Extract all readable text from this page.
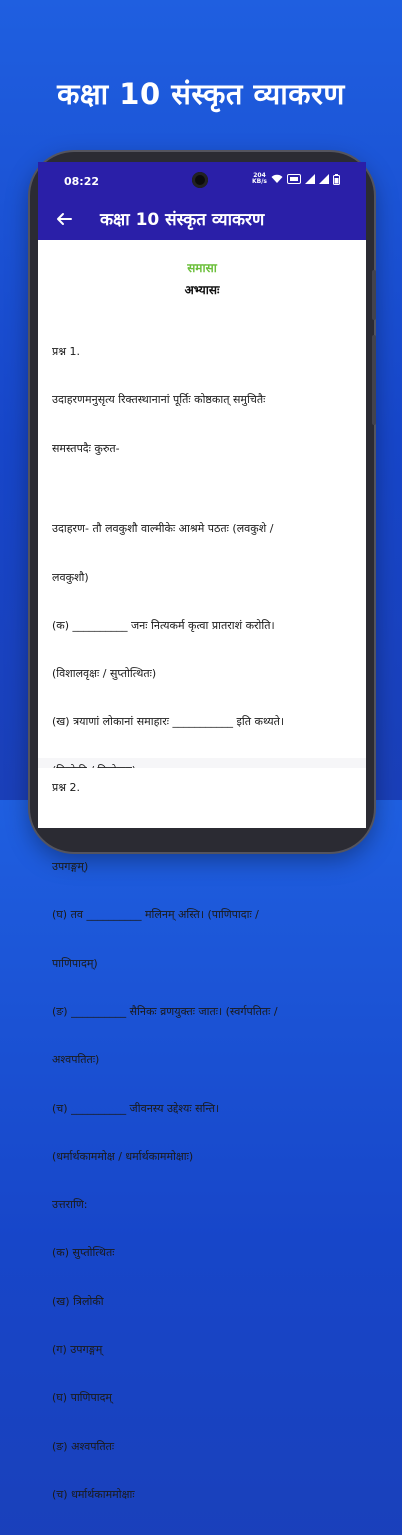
कक्षा 10 संस्कृत व्याकरण
08:22	204
KB/s
कक्षा 10 संस्कृत व्याकरण
समासा
अभ्यासः

प्रश्न 1.

उदाहरणमनुसृत्य रिक्तस्थानानां पूर्तिः कोष्ठकात् समुचितैः

समस्तपदैः कुरुत-

उदाहरण- तौ लवकुशौ वाल्मीकेः आश्रमे पठतः (लवकुशे /

लवकुशौ)

(क) __________ जनः नित्यकर्म कृत्वा प्रातराशं करोति।

(विशालवृक्षः / सुप्तोत्थितः)

(ख) त्रयाणां लोकानां समाहारः ___________ इति कथ्यते।

उपगङ्गम्)

(घ) तव __________ मलिनम् अस्ति। (पाणिपादाः /

पाणिपादम्)

(ङ) __________ सैनिकः व्रणयुक्तः जातः। (स्वर्गपतितः /

अश्वपतितः)

(च) __________ जीवनस्य उद्देश्यः सन्ति।

(धर्मार्थकाममोक्ष / धर्मार्थकाममोक्षाः)

उत्तराणि:

(क) सुप्तोत्थितः

(ख) त्रिलोकी

(ग) उपगङ्गम्

(घ) पाणिपादम्

(ङ) अश्वपतितः

(च) धर्मार्थकाममोक्षाः

प्रश्न 2.
